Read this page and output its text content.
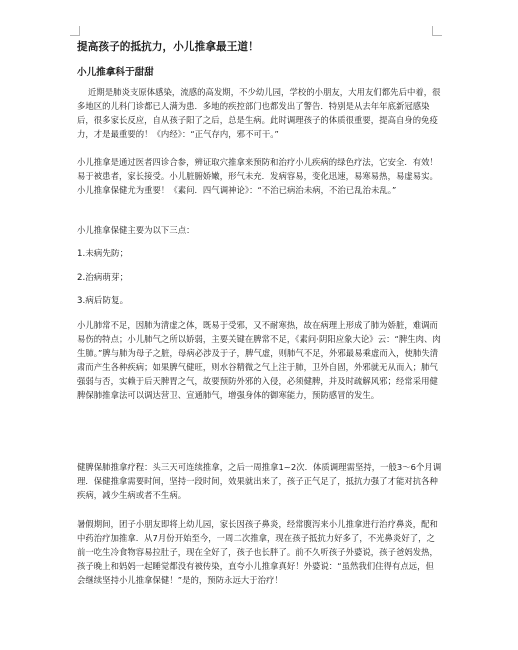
提高孩子的抵抗力，小儿推拿最王道！

小儿推拿科于甜甜

近期是肺炎支原体感染，流感的高发期，不少幼儿园，学校的小朋友，大用友们都先后中着，很多地区的儿科门诊都已人满为患．多地的疾控部门也都发出了警告．特别是从去年年底新冠感染后，很多家长反应，自从孩子阳了之后，总是生病。此时调理孩子的体质很重要，提高自身的免疫力，才是最重要的！《内经》：“正气存内，邪不可干。”

小儿推拿是通过医者四诊合参，辨证取穴推拿来预防和治疗小儿疾病的绿色疗法，它安全．有效！易于被患者，家长接受。小儿脏腑娇嫩，形气未充．发病容易，变化迅速，易寒易热，易虚易实。小儿推拿保健尤为重要！《素问．四气调神论》：“不治已病治未病，不治已乱治未乱。”

小儿推拿保健主要为以下三点：

1.未病先防；

2.治病萌芽；

3.病后防复。

小儿肺常不足，因肺为清虚之体，既易于受邪，又不耐寒热，故在病理上形成了肺为娇脏，难调而易伤的特点；小儿肺气之所以娇弱，主要关键在脾常不足，《素问·阴阳应象大论》云：“脾生肉、肉生肺。”脾与肺为母子之脏，母病必涉及于子，脾气虚，则肺气不足，外邪最易乘虚而入，使肺失清肃而产生各种疾病；如果脾气健旺，则水谷精微之气上注于肺，卫外自固，外邪就无从而入；肺气强弱与否，实赖于后天脾胃之气，故要预防外邪的入侵，必须健脾，并及时疏解风邪；经常采用健脾保肺推拿法可以调达营卫、宣通肺气，增强身体的御寒能力，预防感冒的发生。

健脾保肺推拿疗程：头三天可连续推拿，之后一周推拿1~2次．体质调理需坚持，一般3～6个月调理．保健推拿需要时间，坚持一段时间，效果就出来了，孩子正气足了，抵抗力强了才能对抗各种疾病，减少生病或者不生病。

暑假期间，团子小朋友即将上幼儿园，家长因孩子鼻炎，经常腹泻来小儿推拿进行治疗鼻炎，配和中药治疗加推拿．从7月份开始至今，一周二次推拿，现在孩子抵抗力好多了，不光鼻炎好了，之前一吃生冷食物容易拉肚子，现在全好了，孩子也长胖了。前不久听孩子外婆说，孩子爸妈发热，孩子晚上和妈妈一起睡觉都没有被传染，直夸小儿推拿真好！外婆说：“虽然我们住得有点远，但会继续坚持小儿推拿保健！”是的，预防永远大于治疗！
